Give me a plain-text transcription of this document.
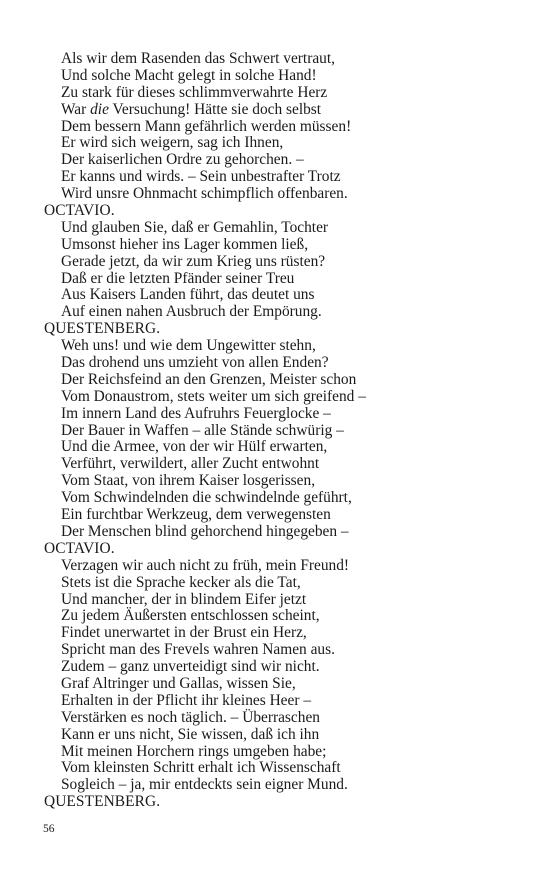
Als wir dem Rasenden das Schwert vertraut,
Und solche Macht gelegt in solche Hand!
Zu stark für dieses schlimmverwahrte Herz
War die Versuchung! Hätte sie doch selbst
Dem bessern Mann gefährlich werden müssen!
Er wird sich weigern, sag ich Ihnen,
Der kaiserlichen Ordre zu gehorchen. –
Er kanns und wirds. – Sein unbestrafter Trotz
Wird unsre Ohnmacht schimpflich offenbaren.
OCTAVIO.
Und glauben Sie, daß er Gemahlin, Tochter
Umsonst hieher ins Lager kommen ließ,
Gerade jetzt, da wir zum Krieg uns rüsten?
Daß er die letzten Pfänder seiner Treu
Aus Kaisers Landen führt, das deutet uns
Auf einen nahen Ausbruch der Empörung.
QUESTENBERG.
Weh uns! und wie dem Ungewitter stehn,
Das drohend uns umzieht von allen Enden?
Der Reichsfeind an den Grenzen, Meister schon
Vom Donaustrom, stets weiter um sich greifend –
Im innern Land des Aufruhrs Feuerglocke –
Der Bauer in Waffen – alle Stände schwürig –
Und die Armee, von der wir Hülf erwarten,
Verführt, verwildert, aller Zucht entwohnt
Vom Staat, von ihrem Kaiser losgerissen,
Vom Schwindelnden die schwindelnde geführt,
Ein furchtbar Werkzeug, dem verwegensten
Der Menschen blind gehorchend hingegeben –
OCTAVIO.
Verzagen wir auch nicht zu früh, mein Freund!
Stets ist die Sprache kecker als die Tat,
Und mancher, der in blindem Eifer jetzt
Zu jedem Äußersten entschlossen scheint,
Findet unerwartet in der Brust ein Herz,
Spricht man des Frevels wahren Namen aus.
Zudem – ganz unverteidigt sind wir nicht.
Graf Altringer und Gallas, wissen Sie,
Erhalten in der Pflicht ihr kleines Heer –
Verstärken es noch täglich. – Überraschen
Kann er uns nicht, Sie wissen, daß ich ihn
Mit meinen Horchern rings umgeben habe;
Vom kleinsten Schritt erhalt ich Wissenschaft
Sogleich – ja, mir entdeckts sein eigner Mund.
QUESTENBERG.
56
